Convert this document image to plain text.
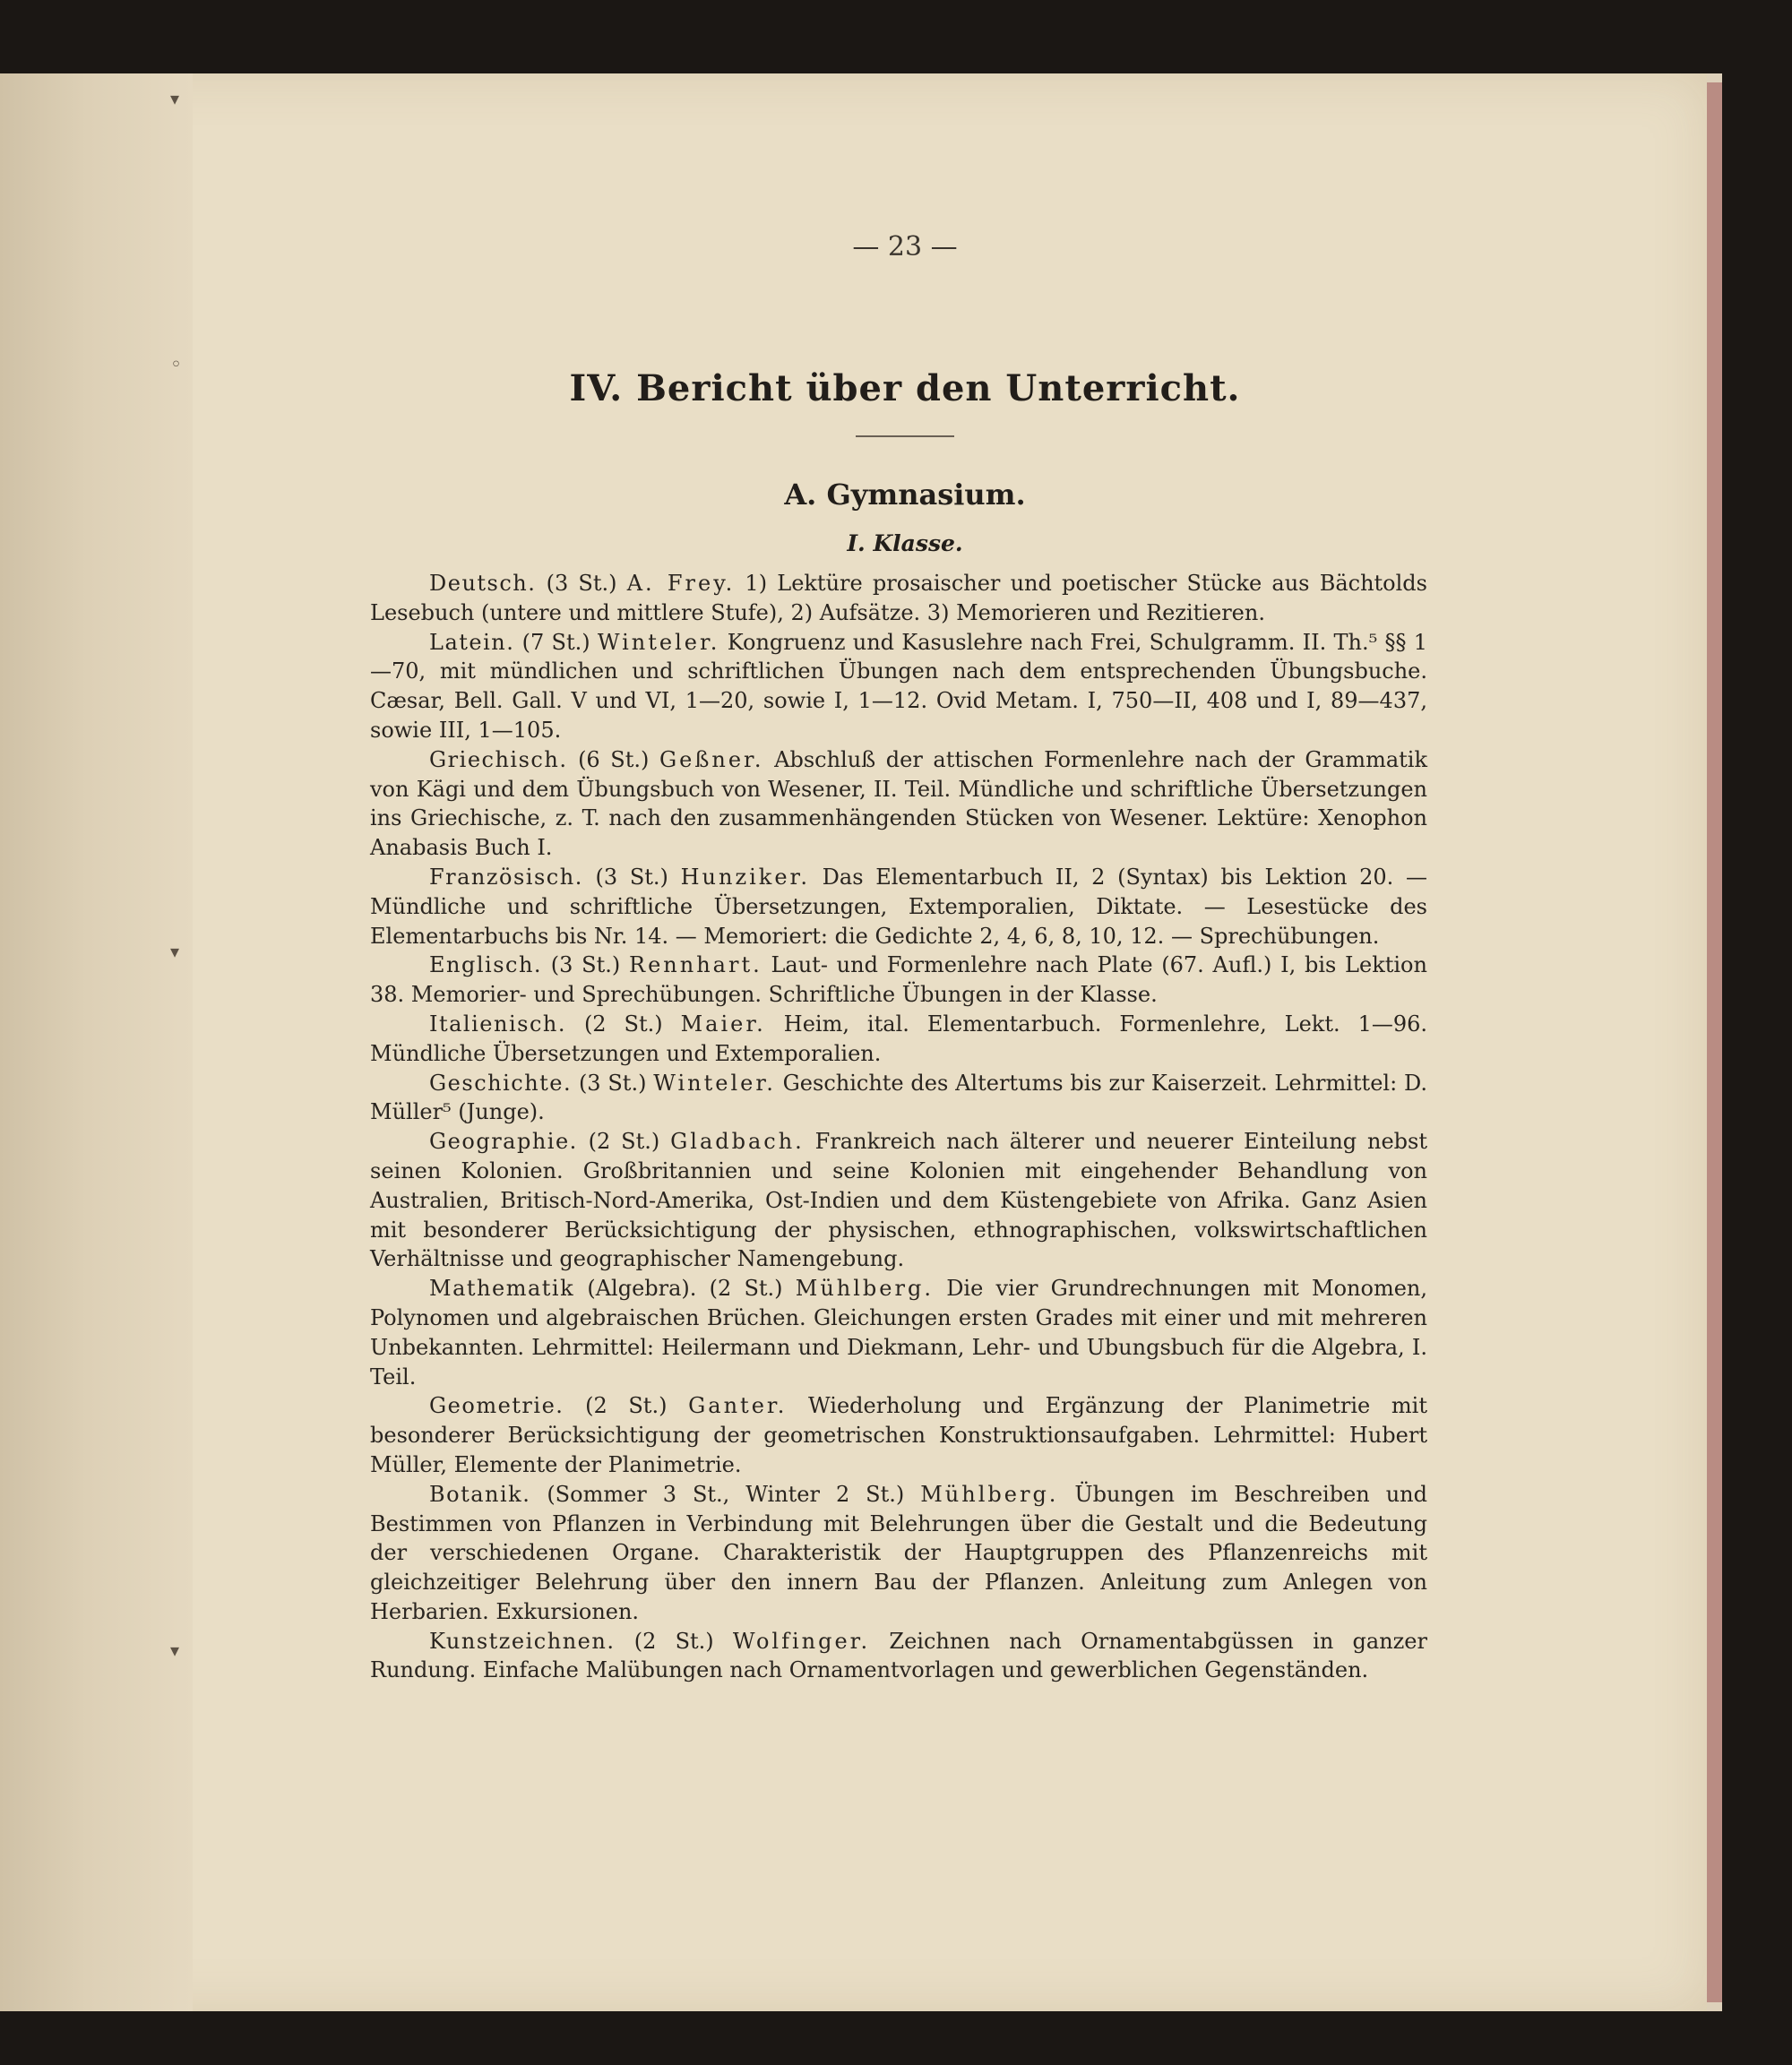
▾
◦
▾
▾
— 23 —
IV. Bericht über den Unterricht.
A. Gymnasium.
I. Klasse.

Deutsch. (3 St.) A. Frey. 1) Lektüre prosaischer und poetischer Stücke aus Bächtolds Lesebuch (untere und mittlere Stufe), 2) Aufsätze. 3) Memorieren und Rezitieren.

Latein. (7 St.) Winteler. Kongruenz und Kasuslehre nach Frei, Schulgramm. II. Th.⁵ §§ 1—70, mit mündlichen und schriftlichen Übungen nach dem entsprechenden Übungsbuche. Cæsar, Bell. Gall. V und VI, 1—20, sowie I, 1—12. Ovid Metam. I, 750—II, 408 und I, 89—437, sowie III, 1—105.

Griechisch. (6 St.) Geßner. Abschluß der attischen Formenlehre nach der Grammatik von Kägi und dem Übungsbuch von Wesener, II. Teil. Mündliche und schriftliche Übersetzungen ins Griechische, z. T. nach den zusammenhängenden Stücken von Wesener. Lektüre: Xenophon Anabasis Buch I.

Französisch. (3 St.) Hunziker. Das Elementarbuch II, 2 (Syntax) bis Lektion 20. — Mündliche und schriftliche Übersetzungen, Extemporalien, Diktate. — Lesestücke des Elementarbuchs bis Nr. 14. — Memoriert: die Gedichte 2, 4, 6, 8, 10, 12. — Sprechübungen.

Englisch. (3 St.) Rennhart. Laut- und Formenlehre nach Plate (67. Aufl.) I, bis Lektion 38. Memorier- und Sprechübungen. Schriftliche Übungen in der Klasse.

Italienisch. (2 St.) Maier. Heim, ital. Elementarbuch. Formenlehre, Lekt. 1—96. Mündliche Übersetzungen und Extemporalien.

Geschichte. (3 St.) Winteler. Geschichte des Altertums bis zur Kaiserzeit. Lehrmittel: D. Müller⁵ (Junge).

Geographie. (2 St.) Gladbach. Frankreich nach älterer und neuerer Einteilung nebst seinen Kolonien. Großbritannien und seine Kolonien mit eingehender Behandlung von Australien, Britisch-Nord-Amerika, Ost-Indien und dem Küstengebiete von Afrika. Ganz Asien mit besonderer Berücksichtigung der physischen, ethnographischen, volkswirtschaftlichen Verhältnisse und geographischer Namengebung.

Mathematik (Algebra). (2 St.) Mühlberg. Die vier Grundrechnungen mit Monomen, Polynomen und algebraischen Brüchen. Gleichungen ersten Grades mit einer und mit mehreren Unbekannten. Lehrmittel: Heilermann und Diekmann, Lehr- und Ubungsbuch für die Algebra, I. Teil.

Geometrie. (2 St.) Ganter. Wiederholung und Ergänzung der Planimetrie mit besonderer Berücksichtigung der geometrischen Konstruktionsaufgaben. Lehrmittel: Hubert Müller, Elemente der Planimetrie.

Botanik. (Sommer 3 St., Winter 2 St.) Mühlberg. Übungen im Beschreiben und Bestimmen von Pflanzen in Verbindung mit Belehrungen über die Gestalt und die Bedeutung der verschiedenen Organe. Charakteristik der Hauptgruppen des Pflanzenreichs mit gleichzeitiger Belehrung über den innern Bau der Pflanzen. Anleitung zum Anlegen von Herbarien. Exkursionen.

Kunstzeichnen. (2 St.) Wolfinger. Zeichnen nach Ornamentabgüssen in ganzer Rundung. Einfache Malübungen nach Ornamentvorlagen und gewerblichen Gegenständen.
